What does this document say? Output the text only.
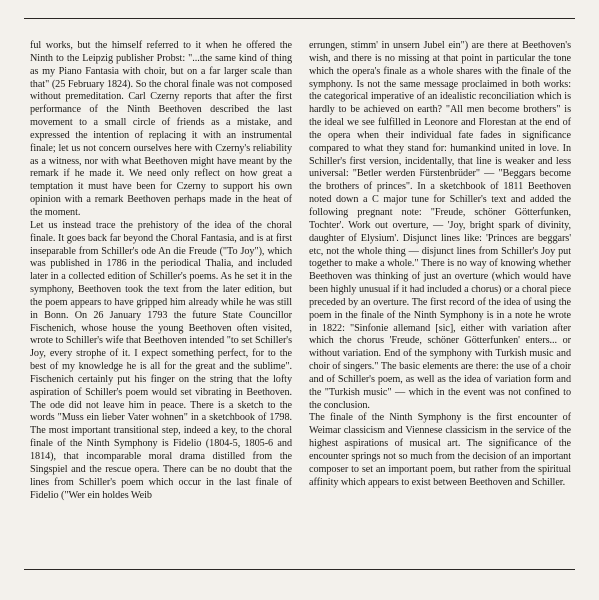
ful works, but the himself referred to it when he offered the Ninth to the Leipzig publisher Probst: "...the same kind of thing as my Piano Fantasia with choir, but on a far larger scale than that" (25 February 1824). So the choral finale was not composed without premeditation. Carl Czerny reports that after the first performance of the Ninth Beethoven described the last movement to a small circle of friends as a mistake, and expressed the intention of replacing it with an instrumental finale; let us not concern ourselves here with Czerny's reliability as a witness, nor with what Beethoven might have meant by the remark if he made it. We need only reflect on how great a temptation it must have been for Czerny to support his own opinion with a remark Beethoven perhaps made in the heat of the moment.

Let us instead trace the prehistory of the idea of the choral finale. It goes back far beyond the Choral Fantasia, and is at first inseparable from Schiller's ode An die Freude ("To Joy"), which was published in 1786 in the periodical Thalia, and included later in a collected edition of Schiller's poems. As he set it in the symphony, Beethoven took the text from the later edition, but the poem appears to have gripped him already while he was still in Bonn. On 26 January 1793 the future State Councillor Fischenich, whose house the young Beethoven often visited, wrote to Schiller's wife that Beethoven intended "to set Schiller's Joy, every strophe of it. I expect something perfect, for to the best of my knowledge he is all for the great and the sublime". Fischenich certainly put his finger on the string that the lofty aspiration of Schiller's poem would set vibrating in Beethoven. The ode did not leave him in peace. There is a sketch to the words "Muss ein lieber Vater wohnen" in a sketchbook of 1798. The most important transitional step, indeed a key, to the choral finale of the Ninth Symphony is Fidelio (1804-5, 1805-6 and 1814), that incomparable moral drama distilled from the Singspiel and the rescue opera. There can be no doubt that the lines from Schiller's poem which occur in the last finale of Fidelio ("Wer ein holdes Weib

errungen, stimm' in unsern Jubel ein") are there at Beethoven's wish, and there is no missing at that point in particular the tone which the opera's finale as a whole shares with the finale of the symphony. Is not the same message proclaimed in both works: the categorical imperative of an idealistic reconciliation which is hardly to be achieved on earth? "All men become brothers" is the ideal we see fulfilled in Leonore and Florestan at the end of the opera when their individual fate fades in significance compared to what they stand for: humankind united in love. In Schiller's first version, incidentally, that line is weaker and less universal: "Betler werden Fürstenbrüder" — "Beggars become the brothers of princes". In a sketchbook of 1811 Beethoven noted down a C major tune for Schiller's text and added the following pregnant note: "Freude, schöner Götterfunken, Tochter'. Work out overture, — 'Joy, bright spark of divinity, daughter of Elysium'. Disjunct lines like: 'Princes are beggars' etc, not the whole thing — disjunct lines from Schiller's Joy put together to make a whole." There is no way of knowing whether Beethoven was thinking of just an overture (which would have been highly unusual if it had included a chorus) or a choral piece preceded by an overture. The first record of the idea of using the poem in the finale of the Ninth Symphony is in a note he wrote in 1822: "Sinfonie allemand [sic], either with variation after which the chorus 'Freude, schöner Götterfunken' enters... or without variation. End of the symphony with Turkish music and choir of singers." The basic elements are there: the use of a choir and of Schiller's poem, as well as the idea of variation form and the "Turkish music" — which in the event was not confined to the conclusion.

The finale of the Ninth Symphony is the first encounter of Weimar classicism and Viennese classicism in the service of the highest aspirations of musical art. The significance of the encounter springs not so much from the decision of an important composer to set an important poem, but rather from the spiritual affinity which appears to exist between Beethoven and Schiller.
